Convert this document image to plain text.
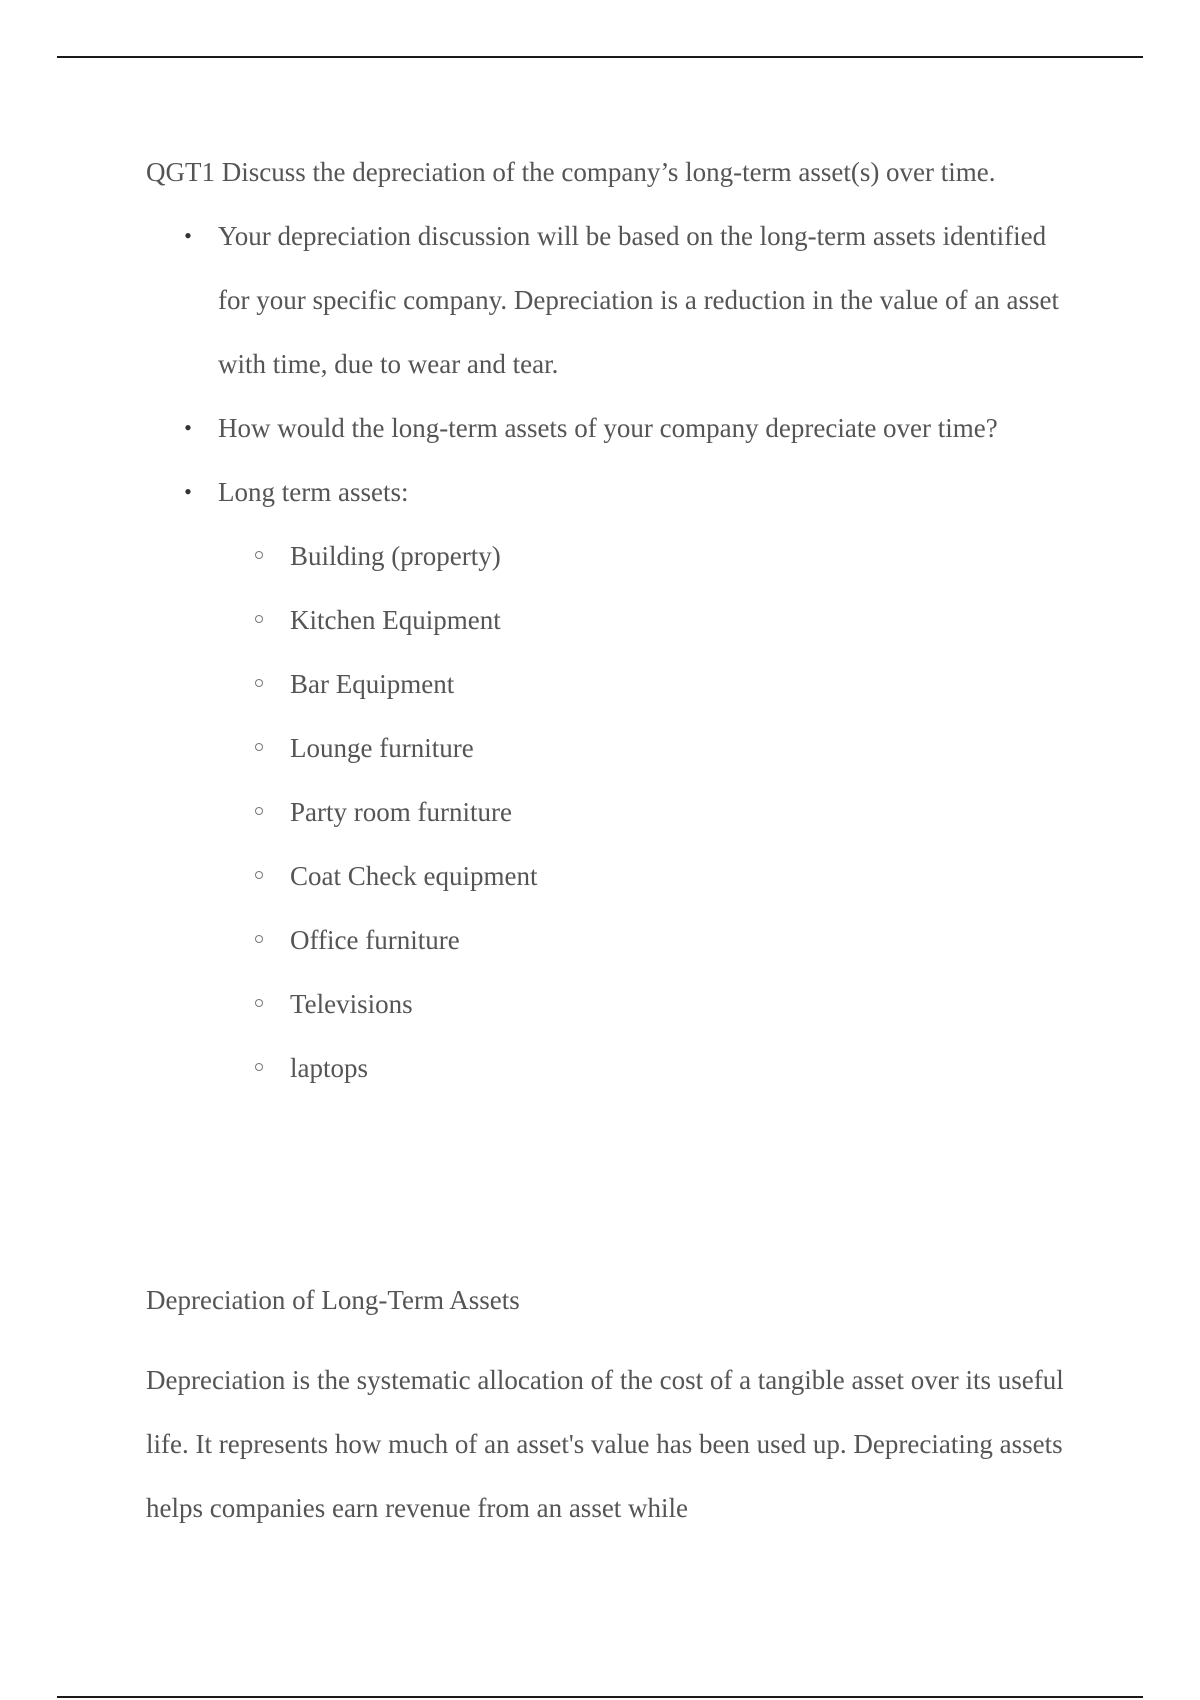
QGT1 Discuss the depreciation of the company’s long-term asset(s) over time.

• Your depreciation discussion will be based on the long-term assets identified for your specific company. Depreciation is a reduction in the value of an asset with time, due to wear and tear.
• How would the long-term assets of your company depreciate over time?
• Long term assets:
Building (property)
Kitchen Equipment
Bar Equipment
Lounge furniture
Party room furniture
Coat Check equipment
Office furniture
Televisions
laptops
Depreciation of Long-Term Assets

Depreciation is the systematic allocation of the cost of a tangible asset over its useful life. It represents how much of an asset's value has been used up. Depreciating assets helps companies earn revenue from an asset while
